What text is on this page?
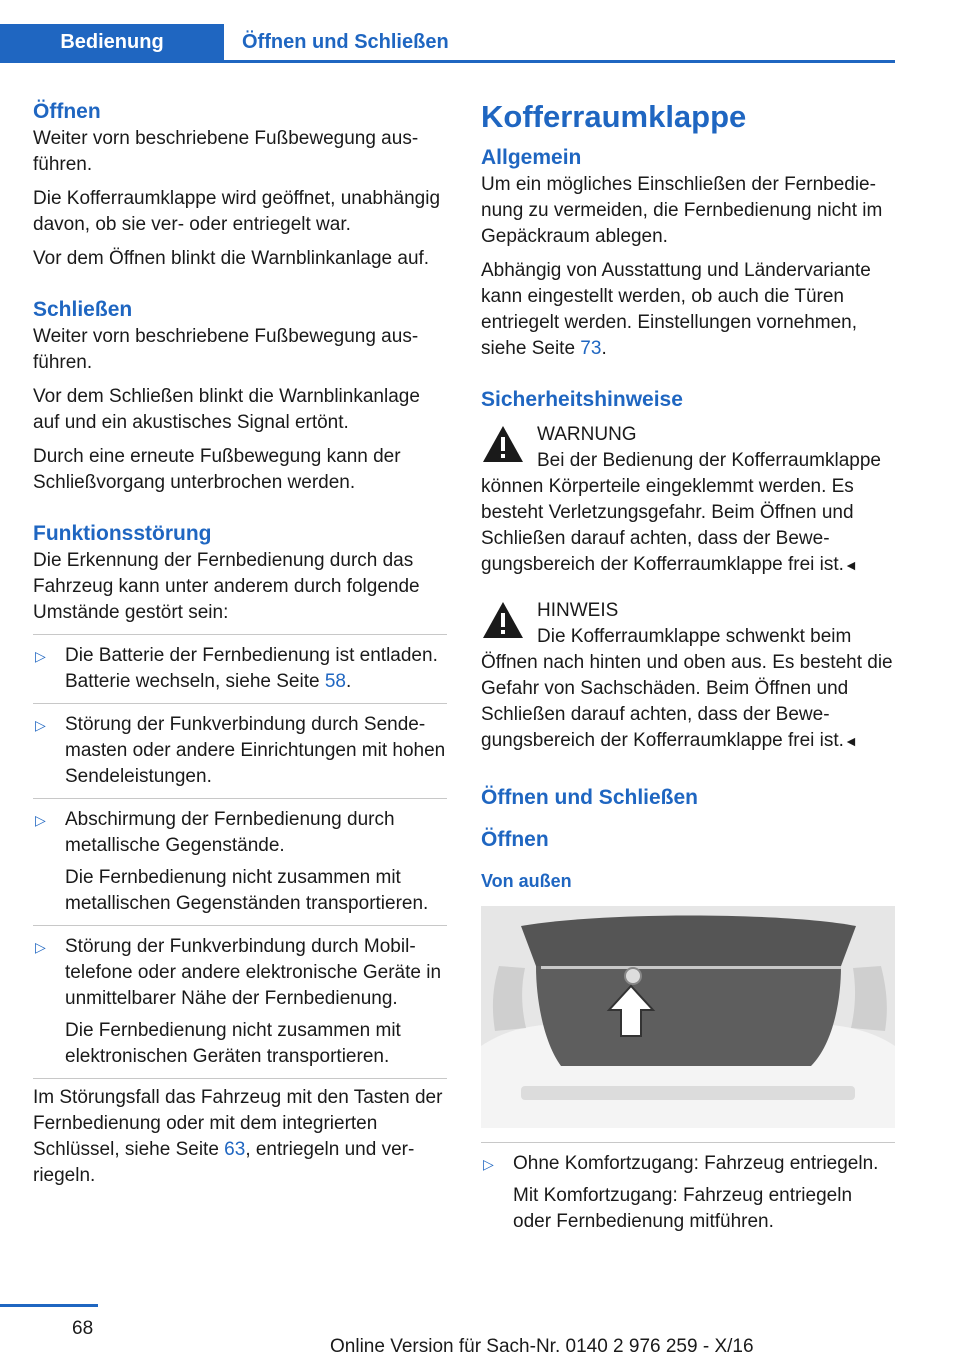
Bedienung	Öffnen und Schließen
Öffnen

Weiter vorn beschriebene Fußbewegung ausführen.

Die Kofferraumklappe wird geöffnet, unabhängig davon, ob sie ver- oder entriegelt war.

Vor dem Öffnen blinkt die Warnblinkanlage auf.

Schließen

Weiter vorn beschriebene Fußbewegung ausführen.

Vor dem Schließen blinkt die Warnblinkanlage auf und ein akustisches Signal ertönt.

Durch eine erneute Fußbewegung kann der Schließvorgang unterbrochen werden.

Funktionsstörung

Die Erkennung der Fernbedienung durch das Fahrzeug kann unter anderem durch folgende Umstände gestört sein:

▷ Die Batterie der Fernbedienung ist entladen. Batterie wechseln, siehe Seite 58.

▷ Störung der Funkverbindung durch Sendemasten oder andere Einrichtungen mit hohen Sendeleistungen.

▷ Abschirmung der Fernbedienung durch metallische Gegenstände.

Die Fernbedienung nicht zusammen mit metallischen Gegenständen transportieren.

▷ Störung der Funkverbindung durch Mobiltelefone oder andere elektronische Geräte in unmittelbarer Nähe der Fernbedienung.

Die Fernbedienung nicht zusammen mit elektronischen Geräten transportieren.

Im Störungsfall das Fahrzeug mit den Tasten der Fernbedienung oder mit dem integrierten Schlüssel, siehe Seite 63, entriegeln und verriegeln.

Kofferraumklappe
Allgemein

Um ein mögliches Einschließen der Fernbedienung zu vermeiden, die Fernbedienung nicht im Gepäckraum ablegen.

Abhängig von Ausstattung und Ländervariante kann eingestellt werden, ob auch die Türen entriegelt werden. Einstellungen vornehmen, siehe Seite 73.

Sicherheitshinweise
WARNUNG
Bei der Bedienung der Kofferraumklappe können Körperteile eingeklemmt werden. Es besteht Verletzungsgefahr. Beim Öffnen und Schließen darauf achten, dass der Bewegungsbereich der Kofferraumklappe frei ist.◄
HINWEIS
Die Kofferraumklappe schwenkt beim Öffnen nach hinten und oben aus. Es besteht die Gefahr von Sachschäden. Beim Öffnen und Schließen darauf achten, dass der Bewegungsbereich der Kofferraumklappe frei ist.◄
Öffnen und Schließen
Öffnen
Von außen
▷ Ohne Komfortzugang: Fahrzeug entriegeln.

Mit Komfortzugang: Fahrzeug entriegeln oder Fernbedienung mitführen.

68
Online Version für Sach-Nr. 0140 2 976 259 - X/16
